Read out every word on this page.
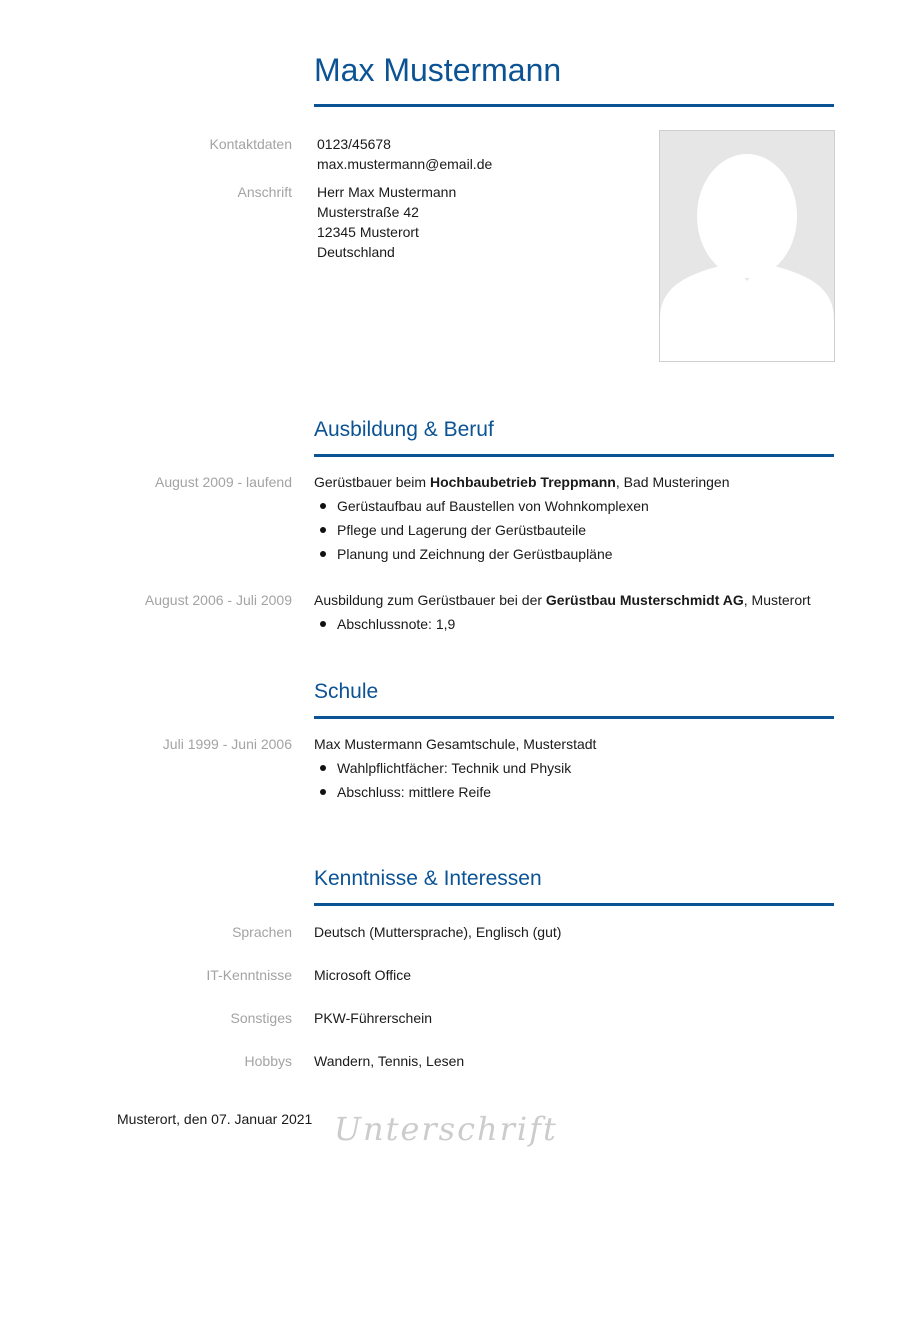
Max Mustermann
Kontaktdaten 0123/45678
max.mustermann@email.de
Anschrift Herr Max Mustermann
Musterstraße 42
12345 Musterort
Deutschland
Ausbildung & Beruf
August 2009 - laufend Gerüstbauer beim Hochbaubetrieb Treppmann, Bad Musteringen
Gerüstaufbau auf Baustellen von Wohnkomplexen
Pflege und Lagerung der Gerüstbauteile
Planung und Zeichnung der Gerüstbaupläne
August 2006 - Juli 2009 Ausbildung zum Gerüstbauer bei der Gerüstbau Musterschmidt AG, Musterort
Abschlussnote: 1,9
Schule
Juli 1999 - Juni 2006 Max Mustermann Gesamtschule, Musterstadt
Wahlpflichtfächer: Technik und Physik
Abschluss: mittlere Reife
Kenntnisse & Interessen
Sprachen Deutsch (Muttersprache), Englisch (gut)
IT-Kenntnisse Microsoft Office
Sonstiges PKW-Führerschein
Hobbys Wandern, Tennis, Lesen
Musterort, den 07. Januar 2021 Unterschrift
